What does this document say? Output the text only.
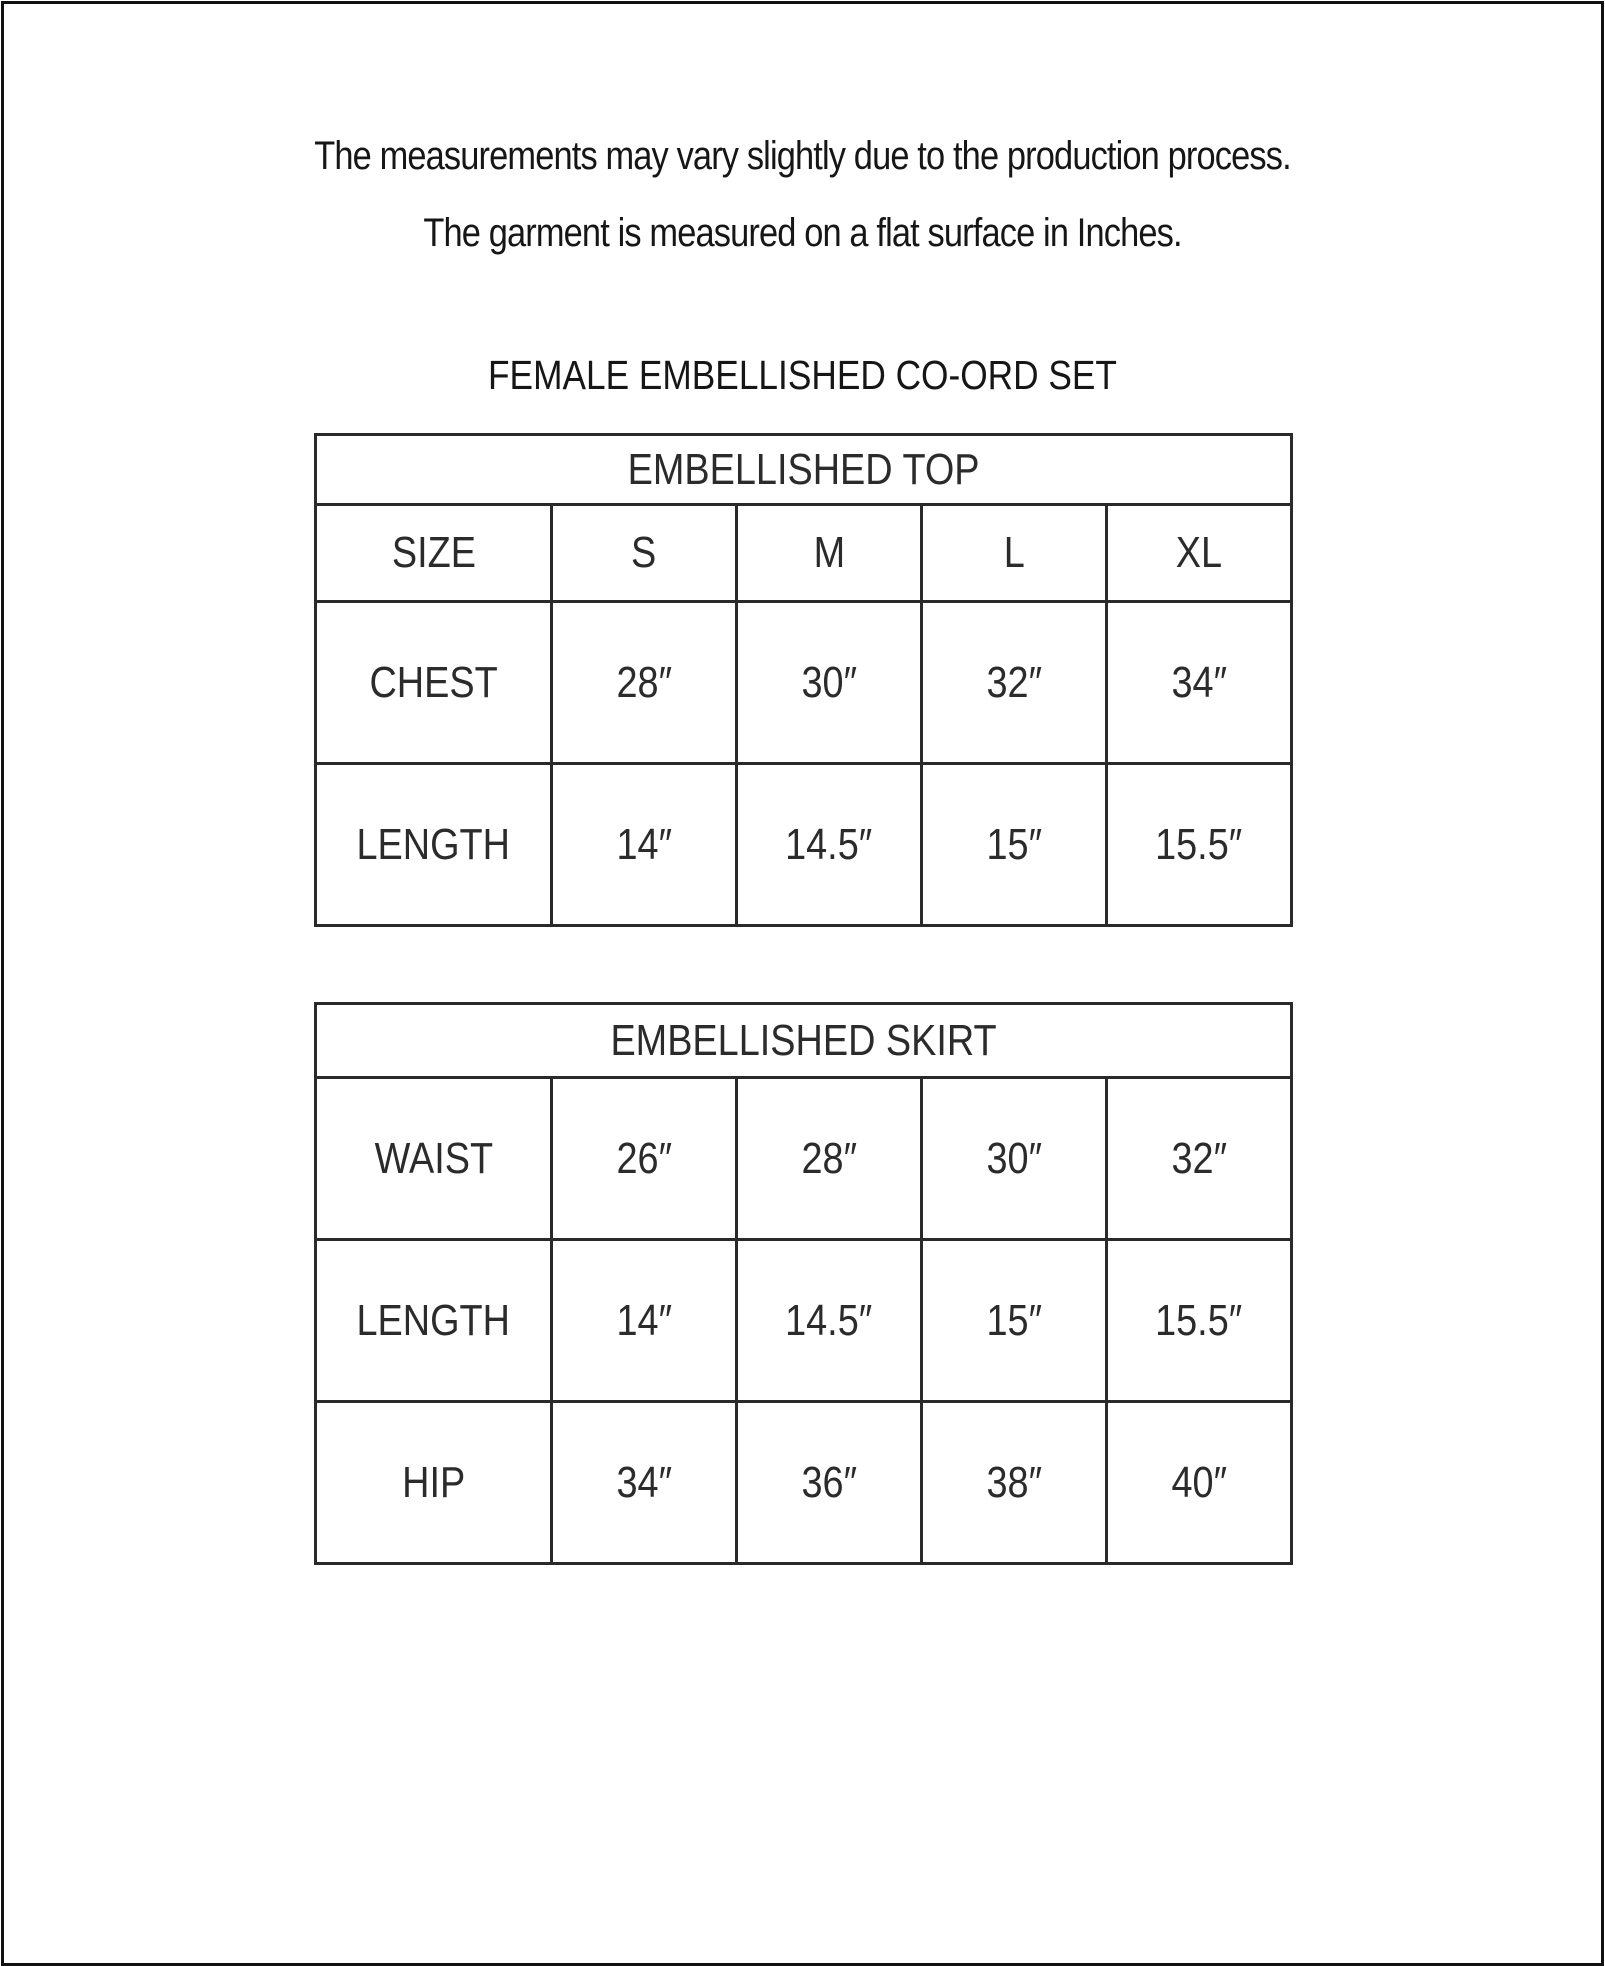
The measurements may vary slightly due to the production process.
The garment is measured on a flat surface in Inches.
FEMALE EMBELLISHED CO-ORD SET
EMBELLISHED TOP				
SIZE	S	M	L	XL
CHEST	28″	30″	32″	34″
LENGTH	14″	14.5″	15″	15.5″
EMBELLISHED SKIRT				
WAIST	26″	28″	30″	32″
LENGTH	14″	14.5″	15″	15.5″
HIP	34″	36″	38″	40″
